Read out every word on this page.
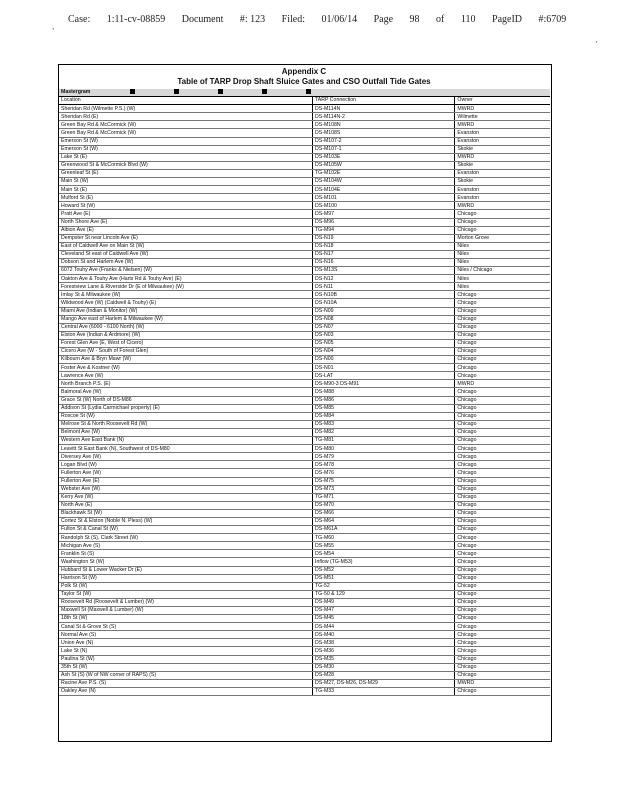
,
Case: 1:11-cv-08859 Document #: 123 Filed: 01/06/14 Page 98 of 110 PageID #:6709
'
Appendix C
Table of TARP Drop Shaft Sluice Gates and CSO Outfall Tide Gates
Mastergram		

Location	TARP Connection	Owner
Sheridan Rd (Wilmette P.S.) (W)	DS-M114N	MWRD
Sheridan Rd (E)	DS-M114N-2	Wilmette
Green Bay Rd & McCormick (W)	DS-M108N	MWRD
Green Bay Rd & McCormick (W)	DS-M108S	Evanston
Emerson St (W)	DS-M107-2	Evanston
Emerson St (W)	DS-M107-1	Skokie
Lake St (E)	DS-M103E	MWRD
Greenwood St & McCormick Blvd (W)	DS-M105W	Skokie
Greenleaf St (E)	TG-M102E	Evanston
Main St (W)	DS-M104W	Skokie
Main St (E)	DS-M104E	Evanston
Mulford St (E)	DS-M101	Evanston
Howard St (W)	DS-M100	MWRD
Pratt Ave (E)	DS-M97	Chicago
North Shore Ave (E)	DS-M96	Chicago
Albion Ave (E)	TG-M94	Chicago
Dempster St near Lincoln Ave (E)	DS-N19	Morton Grove
East of Caldwell Ave on Main St (W)	DS-N18	Niles
Cleveland St east of Caldwell Ave (W)	DS-N17	Niles
Dobson St and Harlem Ave (W)	DS-N16	Niles
6072 Touhy Ave (Franks & Nielsen) (W)	DS-M13S	Niles / Chicago
Oakton Ave & Touhy Ave (Harts Rd & Touhy Ave) (E)	DS-N12	Niles
Forestview Lane & Riverside Dr (E of Milwaukee) (W)	DS-N11	Niles
Imlay St & Milwaukee (W)	DS-N10B	Chicago
Wildwood Ave (W) (Caldwell & Touhy) (E)	DS-N10A	Chicago
Miami Ave (Indian & Monitor) (W)	DS-N09	Chicago
Mango Ave east of Harlem & Milwaukee (W)	DS-N08	Chicago
Central Ave (6000 - 6100 North) (W)	DS-N07	Chicago
Elston Ave (Indian & Ardmore) (W)	DS-N03	Chicago
Forest Glen Ave (E, West of Cicero)	DS-N05	Chicago
Cicero Ave (W - South of Forest Glen)	DS-N04	Chicago
Kilbourn Ave & Bryn Mawr (W)	DS-N00	Chicago
Foster Ave & Kostner (W)	DS-N01	Chicago
Lawrence Ave (W)	DS-LAT	Chicago
North Branch P.S. (E)	DS-M90-3 DS-M91	MWRD
Balmoral Ave (W)	DS-M88	Chicago
Grace St (W) North of DS-M86	DS-M86	Chicago
Addison St (Lydia Carmichael property) (E)	DS-M85	Chicago
Roscoe St (W)	DS-M84	Chicago
Melrose St & North Roosevelt Rd (W)	DS-M83	Chicago
Belmont Ave (W)	DS-M82	Chicago
Western Ave East Bank (N)	TG-M81	Chicago
Leavitt St East Bank (N), Southwest of DS-M80	DS-M80	Chicago
Diversey Ave (W)	DS-M79	Chicago
Logan Blvd (W)	DS-M78	Chicago
Fullerton Ave (W)	DS-M76	Chicago
Fullerton Ave (E)	DS-M75	Chicago
Webster Ave (W)	DS-M73	Chicago
Kerry Ave (W)	TG-M71	Chicago
North Ave (E)	DS-M70	Chicago
Blackhawk St (W)	DS-M66	Chicago
Cortez St & Elston (Noble N. Pless) (W)	DS-M64	Chicago
Fulton St & Canal St (W)	DS-M61A	Chicago
Randolph St (S), Clark Street (W)	TG-M60	Chicago
Michigan Ave (S)	DS-M55	Chicago
Franklin St (S)	DS-M54	Chicago
Washington St (W)	Inflow (TG-M53)	Chicago
Hubbard St & Lower Wacker Dr (E)	DS-M52	Chicago
Harrison St (W)	DS-M51	Chicago
Polk St (W)	TG-52	Chicago
Taylor St (W)	TG-50 & 129	Chicago
Roosevelt Rd (Roosevelt & Lumber) (W)	DS-M49	Chicago
Maxwell St (Maxwell & Lumber) (W)	DS-M47	Chicago
18th St (W)	DS-M45	Chicago
Canal St & Grove St (S)	DS-M44	Chicago
Normal Ave (S)	DS-M40	Chicago
Union Ave (N)	DS-M38	Chicago
Lake St (N)	DS-M36	Chicago
Paulina St (W)	DS-M35	Chicago
35th St (W)	DS-M30	Chicago
Ash St (S) (W of NW corner of RAPS) (S)	DS-M28	Chicago
Racine Ave P.S. (S)	DS-M27, DS-M26, DS-M29	MWRD
Oakley Ave (N)	TG-M33	Chicago
